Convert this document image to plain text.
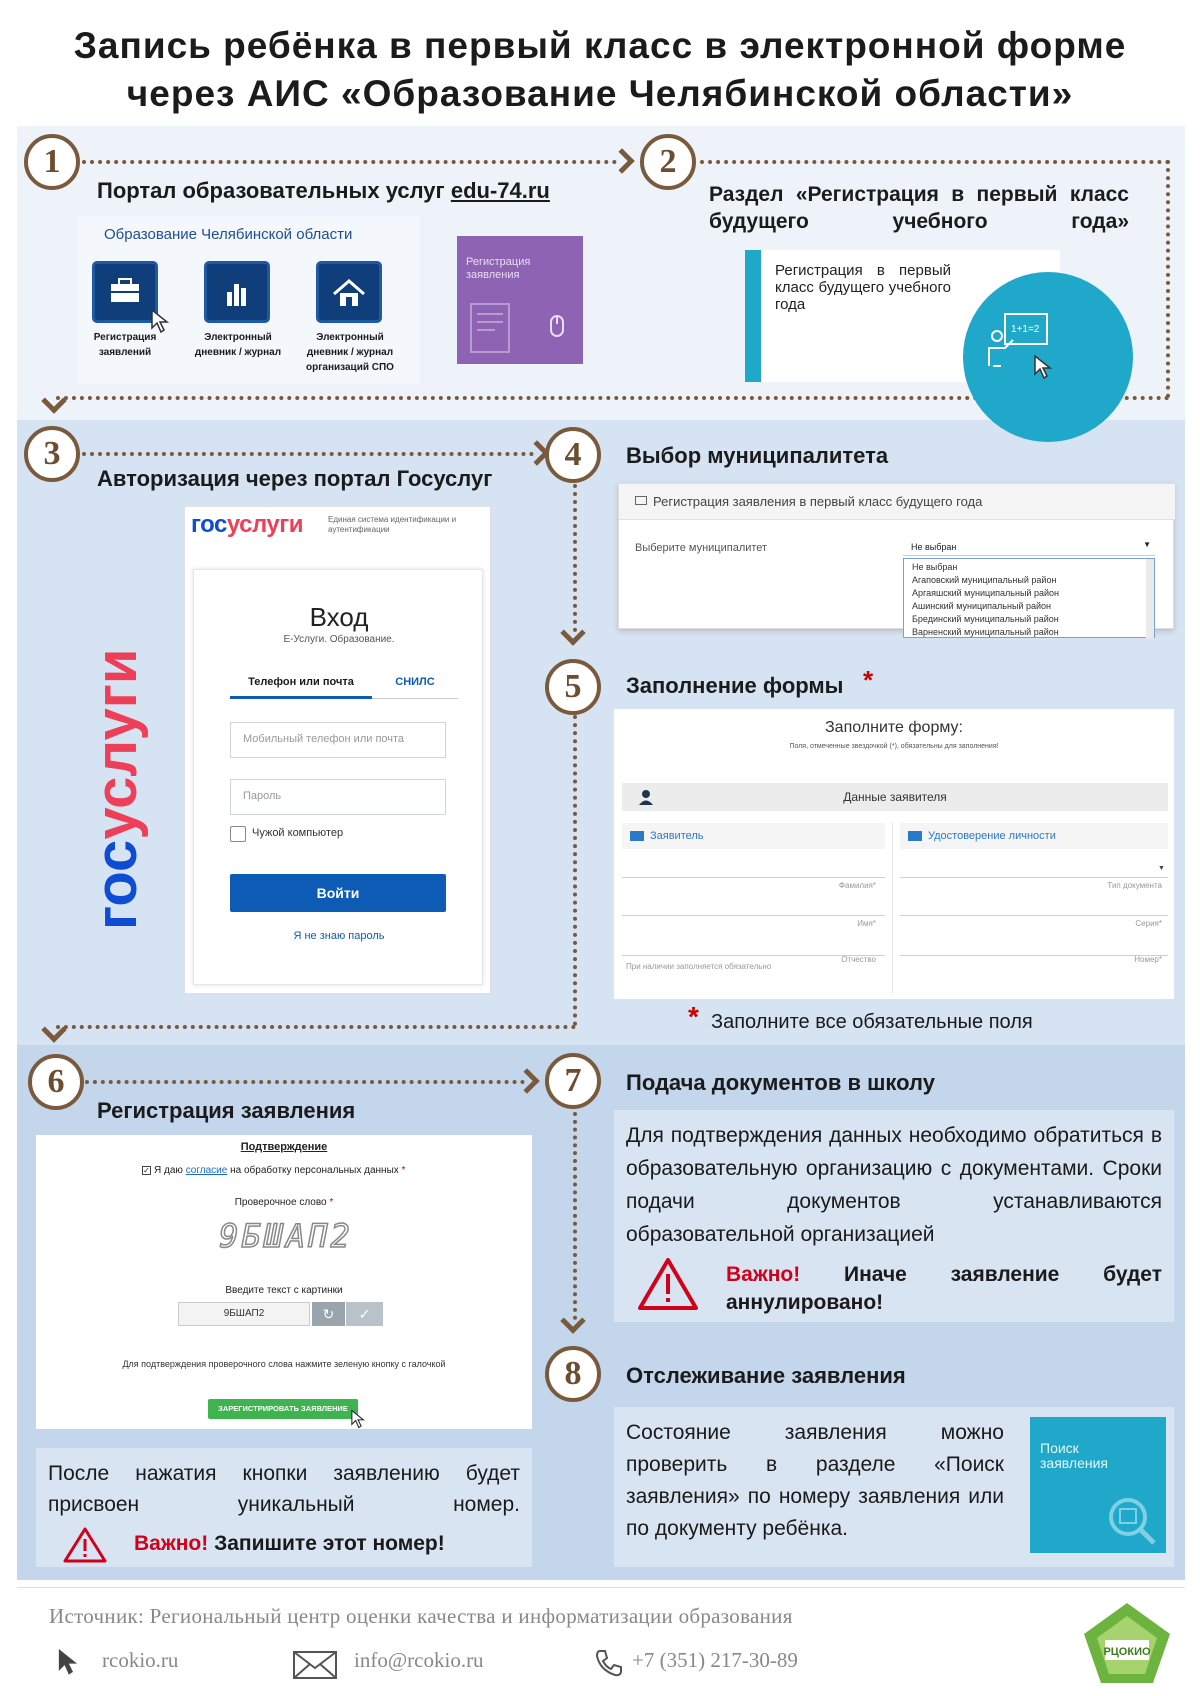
Запись ребёнка в первый класс в электронной форме
через АИС «Образование Челябинской области»
1
Портал образовательных услуг edu-74.ru
Образование Челябинской области
Регистрация
заявлений
Электронный
дневник / журнал
Электронный
дневник / журнал
организаций СПО
Регистрация заявления
2
Раздел «Регистрация в первый класс будущего учебного года»
Регистрация в первый класс будущего учебного года
1+1=2
3
Авторизация через портал Госуслуг
госуслуги
госуслуги	Единая система идентификации и аутентификации
Вход
Е-Услуги. Образование.
Телефон или почта	СНИЛС
Мобильный телефон или почта
Пароль
Чужой компьютер
Войти
Я не знаю пароль
4	Выбор муниципалитета
Регистрация заявления в первый класс будущего года
Выберите муниципалитет	Не выбран	▼
Не выбран
Агаповский муниципальный район
Аргаяшский муниципальный район
Ашинский муниципальный район
Брединский муниципальный район
Варненский муниципальный район
5	Заполнение формы *
Заполните форму:
Поля, отмеченные звездочкой (*), обязательны для заполнения!
Данные заявителя
Заявитель	Удостоверение личности
Фамилия*
Имя*
Отчество
При наличии заполняется обязательно
▼
Тип документа
Серия*
Номер*
* Заполните все обязательные поля
6
Регистрация заявления
Подтверждение
✓ Я даю согласие на обработку персональных данных *
Проверочное слово *
9БШАП2
Введите текст с картинки
9БШАП2	↻	✓
Для подтверждения проверочного слова нажмите зеленую кнопку с галочкой
ЗАРЕГИСТРИРОВАТЬ ЗАЯВЛЕНИЕ
После нажатия кнопки заявлению будет присвоен уникальный номер.
Важно! Запишите этот номер!
7	Подача документов в школу
Для подтверждения данных необходимо обратиться в образовательную организацию с документами. Сроки подачи документов устанавливаются образовательной организацией
Важно! Иначе заявление будет аннулировано!
8	Отслеживание заявления
Состояние заявления можно проверить в разделе «Поиск заявления» по номеру заявления или по документу ребёнка.
Поиск заявления
Источник: Региональный центр оценки качества и информатизации образования
rcokio.ru	info@rcokio.ru	+7 (351) 217-30-89	РЦОКИО
